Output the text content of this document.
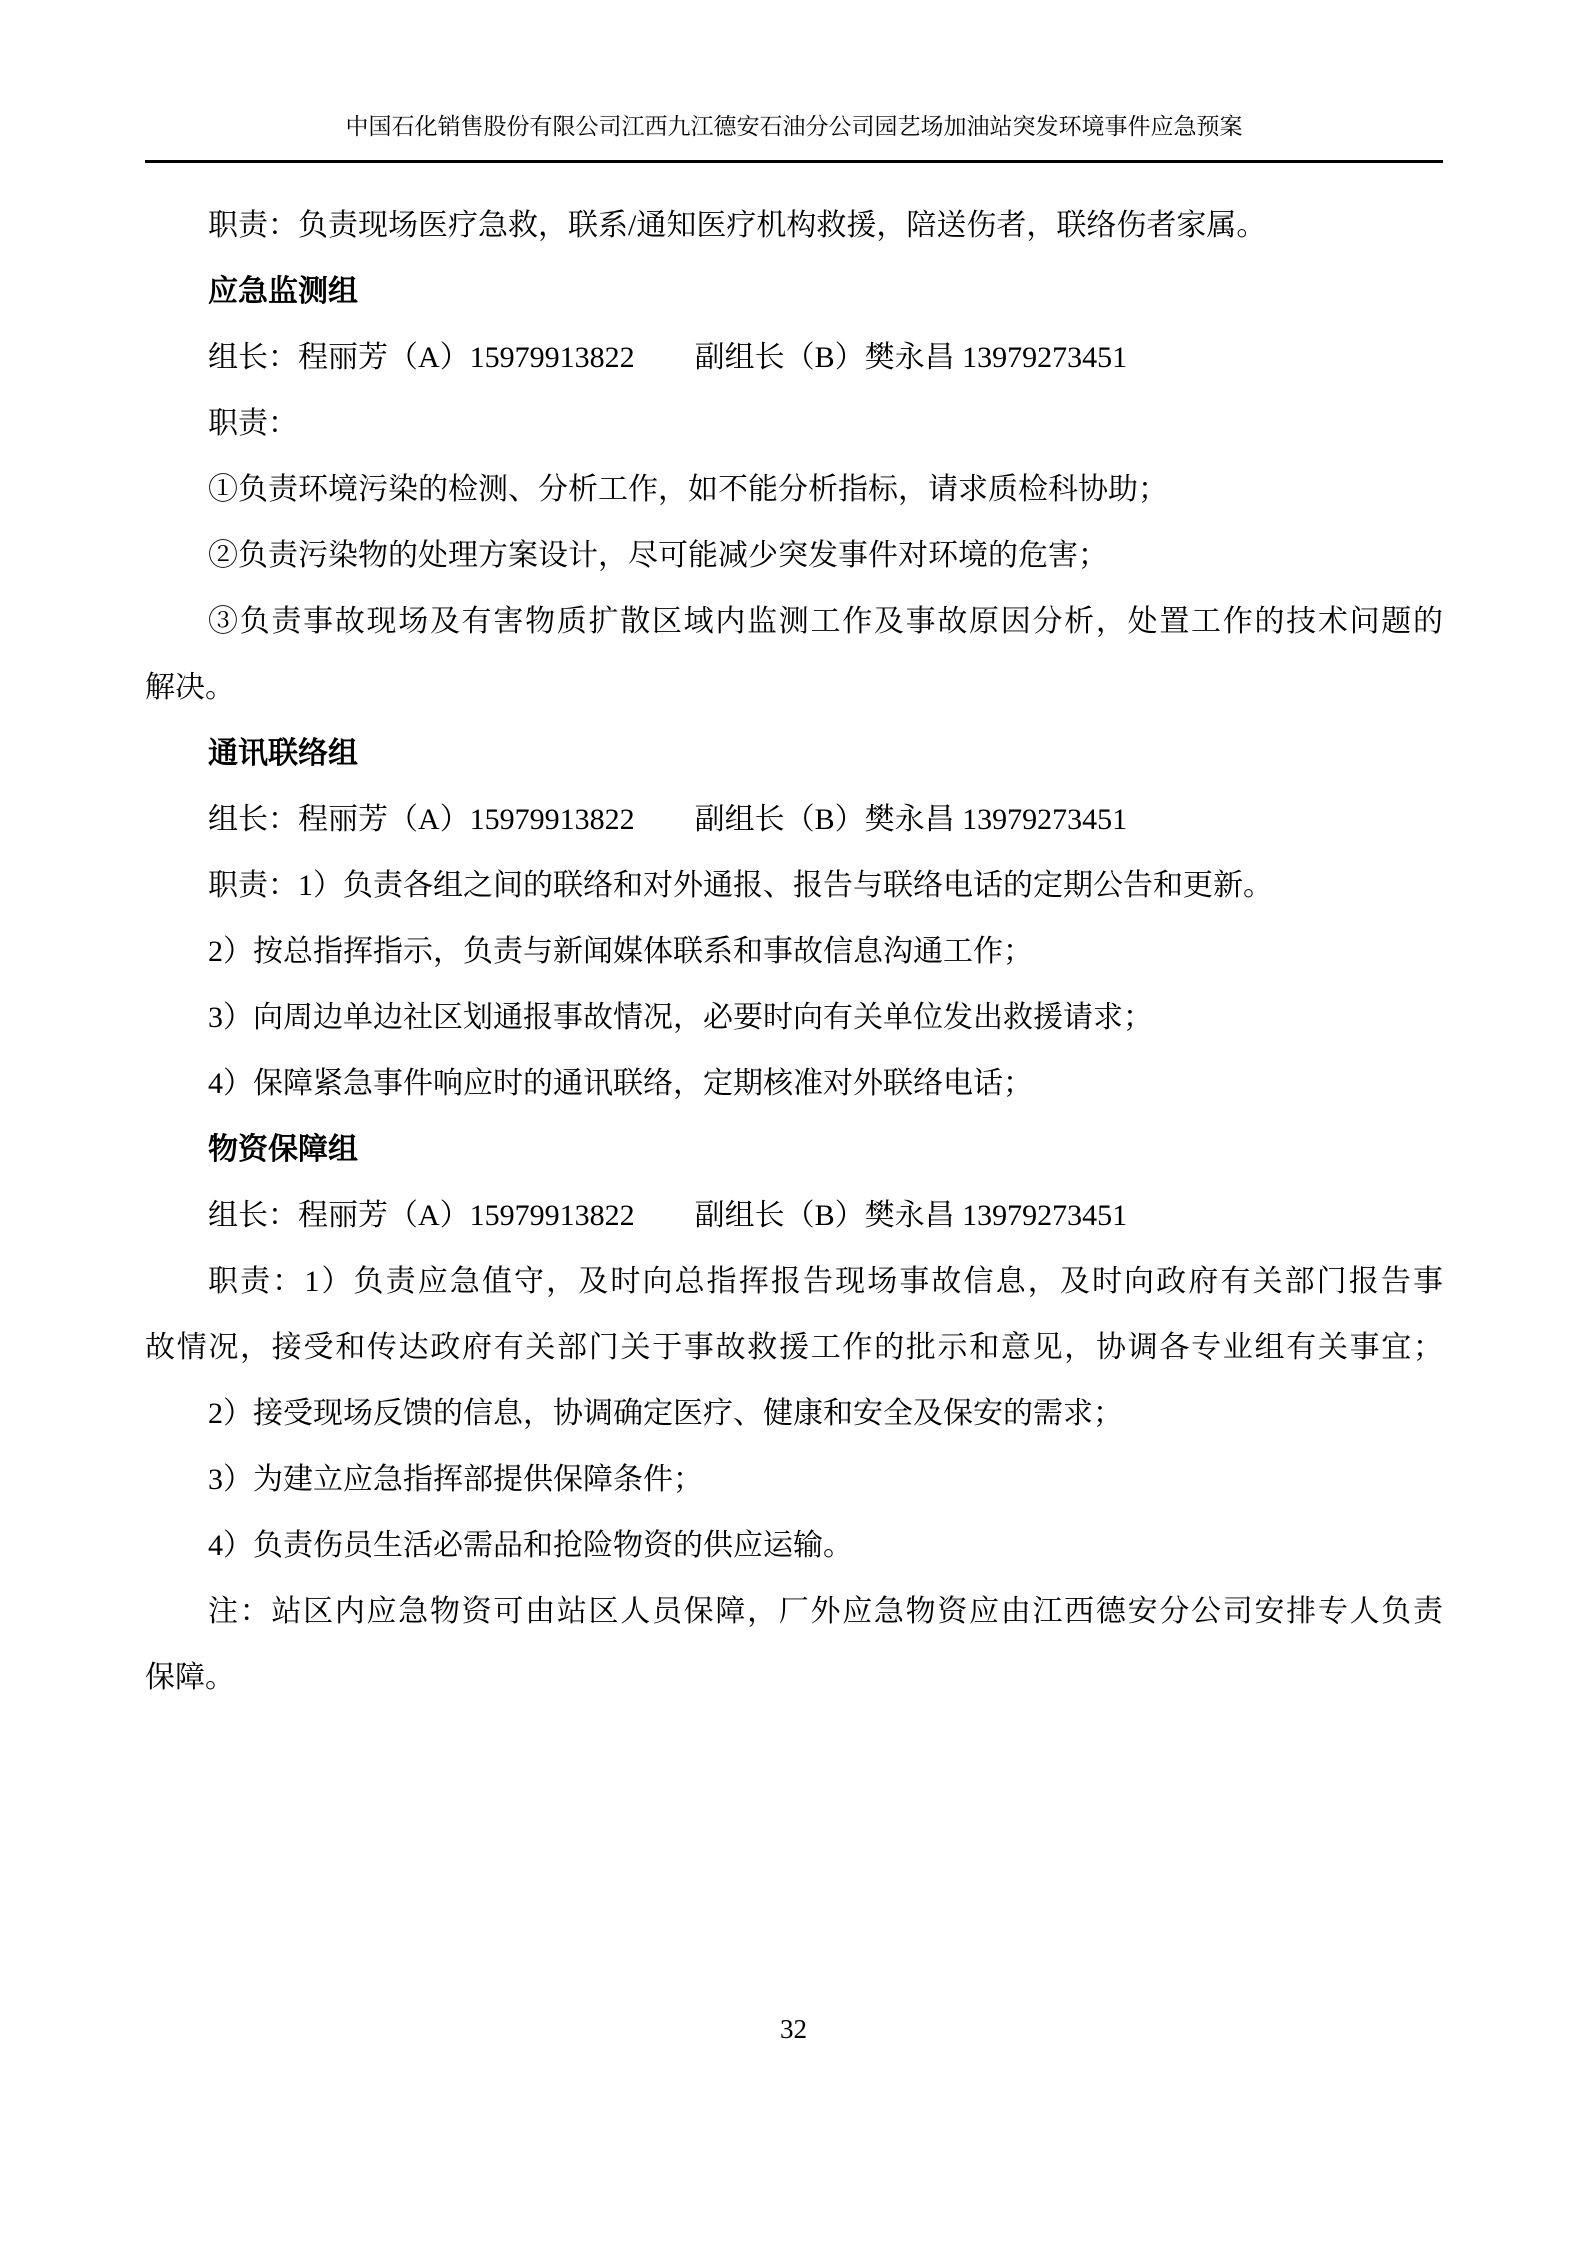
中国石化销售股份有限公司江西九江德安石油分公司园艺场加油站突发环境事件应急预案
职责：负责现场医疗急救，联系/通知医疗机构救援，陪送伤者，联络伤者家属。
应急监测组
组长：程丽芳（A）15979913822　　副组长（B）樊永昌 13979273451
职责：
①负责环境污染的检测、分析工作，如不能分析指标，请求质检科协助；
②负责污染物的处理方案设计，尽可能减少突发事件对环境的危害；
③负责事故现场及有害物质扩散区域内监测工作及事故原因分析，处置工作的技术问题的
解决。
通讯联络组
组长：程丽芳（A）15979913822　　副组长（B）樊永昌 13979273451
职责：1）负责各组之间的联络和对外通报、报告与联络电话的定期公告和更新。
2）按总指挥指示，负责与新闻媒体联系和事故信息沟通工作；
3）向周边单边社区划通报事故情况，必要时向有关单位发出救援请求；
4）保障紧急事件响应时的通讯联络，定期核准对外联络电话；
物资保障组
组长：程丽芳（A）15979913822　　副组长（B）樊永昌 13979273451
职责：1）负责应急值守，及时向总指挥报告现场事故信息，及时向政府有关部门报告事
故情况，接受和传达政府有关部门关于事故救援工作的批示和意见，协调各专业组有关事宜；
2）接受现场反馈的信息，协调确定医疗、健康和安全及保安的需求；
3）为建立应急指挥部提供保障条件；
4）负责伤员生活必需品和抢险物资的供应运输。
注：站区内应急物资可由站区人员保障，厂外应急物资应由江西德安分公司安排专人负责
保障。
32
